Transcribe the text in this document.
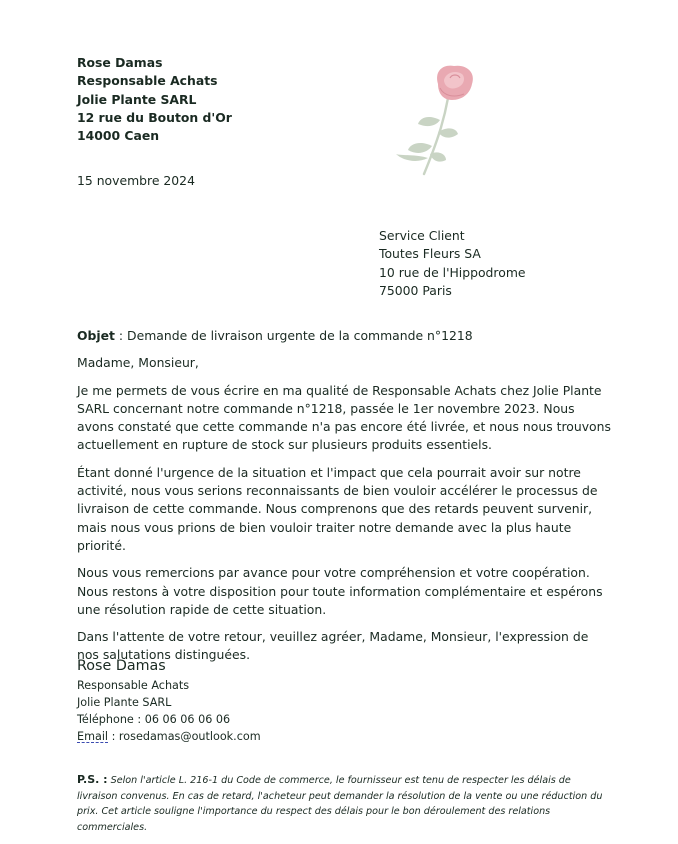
Rose Damas
Responsable Achats
Jolie Plante SARL
12 rue du Bouton d'Or
14000 Caen
15 novembre 2024
Service Client
Toutes Fleurs SA
10 rue de l'Hippodrome
75000 Paris

Objet : Demande de livraison urgente de la commande n°1218

Madame, Monsieur,

Je me permets de vous écrire en ma qualité de Responsable Achats chez Jolie Plante SARL concernant notre commande n°1218, passée le 1er novembre 2023. Nous avons constaté que cette commande n'a pas encore été livrée, et nous nous trouvons actuellement en rupture de stock sur plusieurs produits essentiels.

Étant donné l'urgence de la situation et l'impact que cela pourrait avoir sur notre activité, nous vous serions reconnaissants de bien vouloir accélérer le processus de livraison de cette commande. Nous comprenons que des retards peuvent survenir, mais nous vous prions de bien vouloir traiter notre demande avec la plus haute priorité.

Nous vous remercions par avance pour votre compréhension et votre coopération. Nous restons à votre disposition pour toute information complémentaire et espérons une résolution rapide de cette situation.

Dans l'attente de votre retour, veuillez agréer, Madame, Monsieur, l'expression de nos salutations distinguées.

Rose Damas
Responsable Achats
Jolie Plante SARL
Téléphone : 06 06 06 06 06
Email : rosedamas@outlook.com
P.S. : Selon l'article L. 216-1 du Code de commerce, le fournisseur est tenu de respecter les délais de livraison convenus. En cas de retard, l'acheteur peut demander la résolution de la vente ou une réduction du prix. Cet article souligne l'importance du respect des délais pour le bon déroulement des relations commerciales.
